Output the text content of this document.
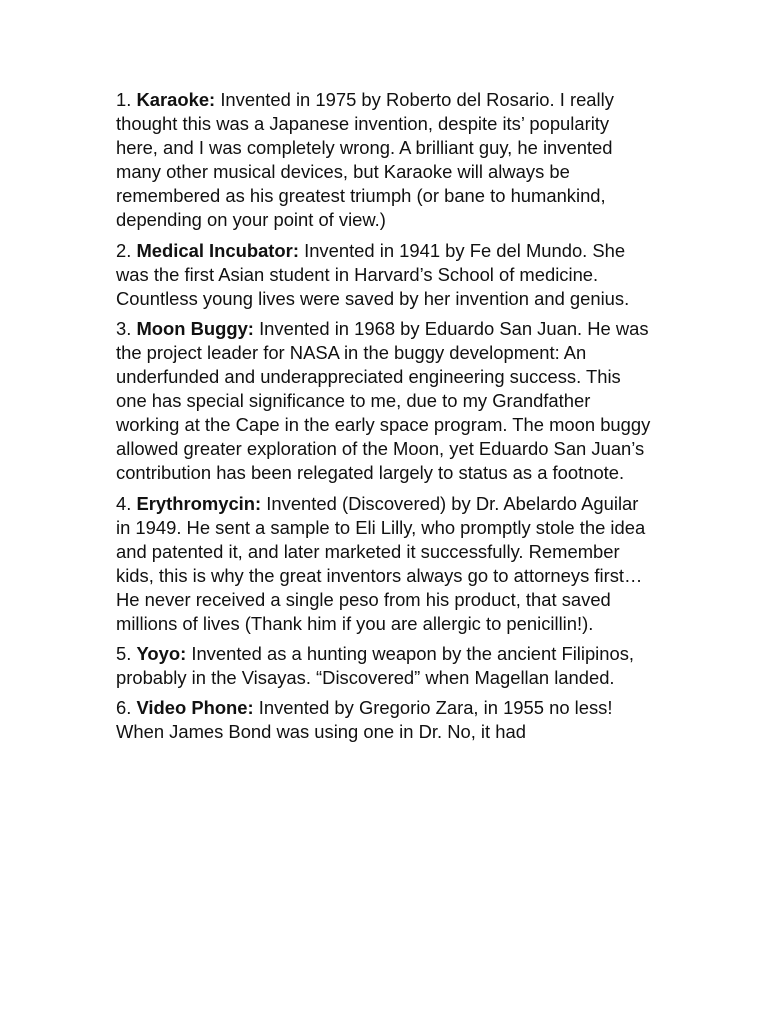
1. Karaoke: Invented in 1975 by Roberto del Rosario. I really thought this was a Japanese invention, despite its’ popularity here, and I was completely wrong. A brilliant guy, he invented many other musical devices, but Karaoke will always be remembered as his greatest triumph (or bane to humankind, depending on your point of view.)

2. Medical Incubator: Invented in 1941 by Fe del Mundo. She was the first Asian student in Harvard’s School of medicine. Countless young lives were saved by her invention and genius.

3. Moon Buggy: Invented in 1968 by Eduardo San Juan. He was the project leader for NASA in the buggy development: An underfunded and underappreciated engineering success. This one has special significance to me, due to my Grandfather working at the Cape in the early space program. The moon buggy allowed greater exploration of the Moon, yet Eduardo San Juan’s contribution has been relegated largely to status as a footnote.

4. Erythromycin: Invented (Discovered) by Dr. Abelardo Aguilar in 1949. He sent a sample to Eli Lilly, who promptly stole the idea and patented it, and later marketed it successfully. Remember kids, this is why the great inventors always go to attorneys first… He never received a single peso from his product, that saved millions of lives (Thank him if you are allergic to penicillin!).

5. Yoyo: Invented as a hunting weapon by the ancient Filipinos, probably in the Visayas. “Discovered” when Magellan landed.

6. Video Phone: Invented by Gregorio Zara, in 1955 no less! When James Bond was using one in Dr. No, it had
